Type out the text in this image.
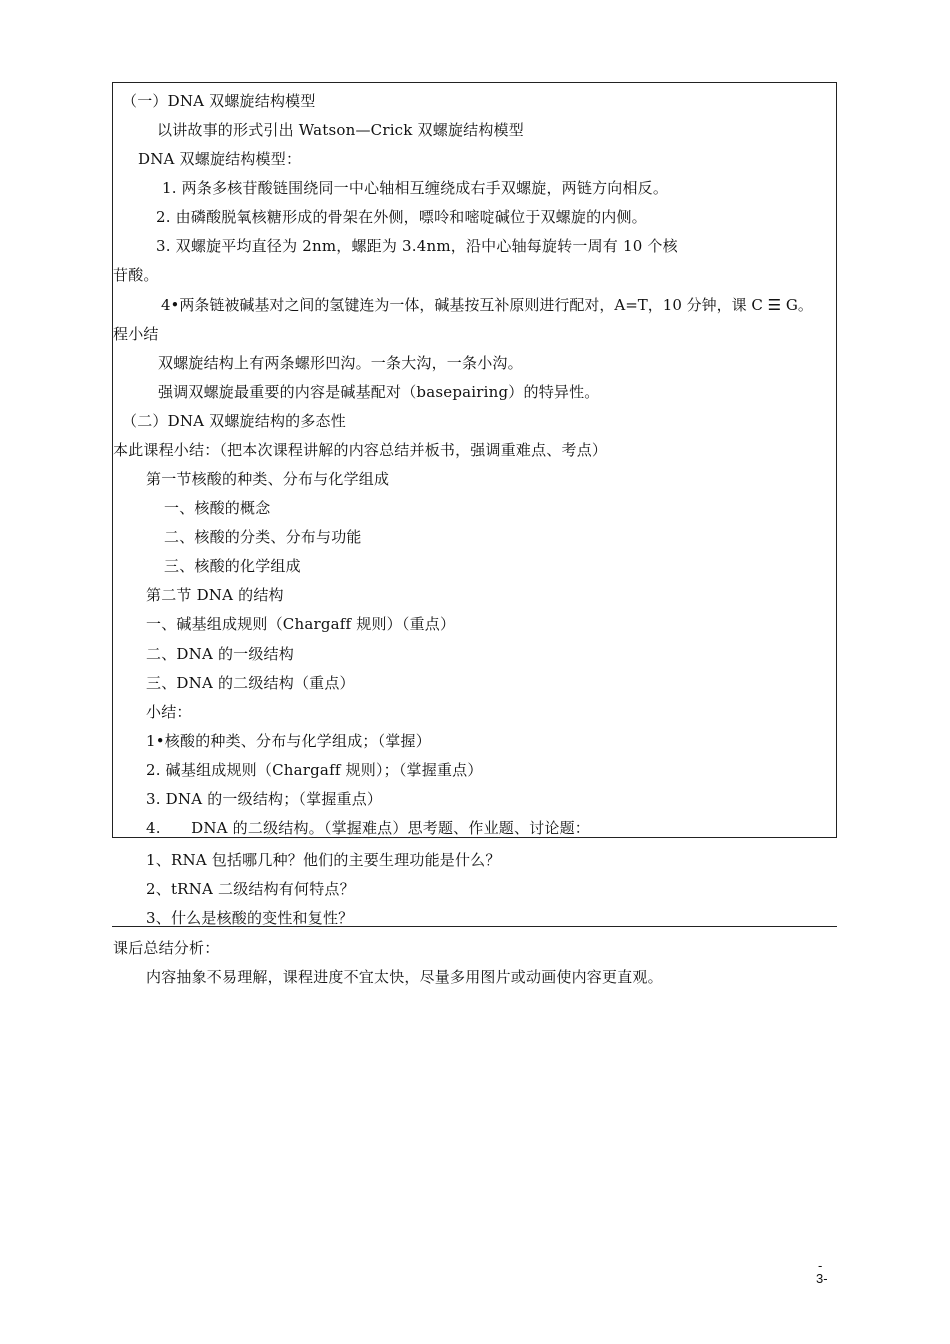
（一）DNA 双螺旋结构模型
以讲故事的形式引出 Watson—Crick 双螺旋结构模型
DNA 双螺旋结构模型：
1. 两条多核苷酸链围绕同一中心轴相互缠绕成右手双螺旋，两链方向相反。
2. 由磷酸脱氧核糖形成的骨架在外侧，嘌呤和嘧啶碱位于双螺旋的内侧。
3. 双螺旋平均直径为 2nm，螺距为 3.4nm，沿中心轴每旋转一周有 10 个核
苷酸。
4•两条链被碱基对之间的氢键连为一体，碱基按互补原则进行配对，A=T，10 分钟，课 C ☰ G。
程小结
双螺旋结构上有两条螺形凹沟。一条大沟，一条小沟。
强调双螺旋最重要的内容是碱基配对（basepairing）的特异性。
（二）DNA 双螺旋结构的多态性
本此课程小结：（把本次课程讲解的内容总结并板书，强调重难点、考点）
第一节核酸的种类、分布与化学组成
一、核酸的概念
二、核酸的分类、分布与功能
三、核酸的化学组成
第二节 DNA 的结构
一、碱基组成规则（Chargaff 规则）（重点）
二、DNA 的一级结构
三、DNA 的二级结构（重点）
小结：
1•核酸的种类、分布与化学组成；（掌握）
2. 碱基组成规则（Chargaff 规则）；（掌握重点）
3. DNA 的一级结构；（掌握重点）
4.　　DNA 的二级结构。（掌握难点）思考题、作业题、讨论题：
1、RNA 包括哪几种？他们的主要生理功能是什么？
2、tRNA 二级结构有何特点？
3、什么是核酸的变性和复性？
课后总结分析：
内容抽象不易理解，课程进度不宜太快，尽量多用图片或动画使内容更直观。
-
3-
